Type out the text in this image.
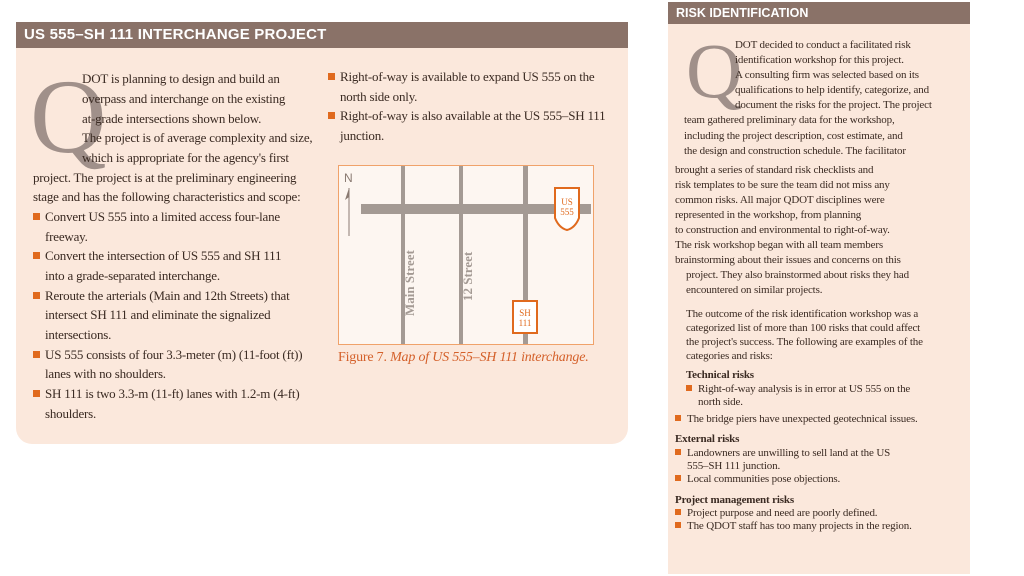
US 555–SH 111 INTERCHANGE PROJECT
Q
DOT is planning to design and build an
overpass and interchange on the existing
at-grade intersections shown below.
The project is of average complexity and size,
which is appropriate for the agency's first
project. The project is at the preliminary engineering
stage and has the following characteristics and scope:
Convert US 555 into a limited access four-lane
freeway.
Convert the intersection of US 555 and SH 111
into a grade-separated interchange.
Reroute the arterials (Main and 12th Streets) that
intersect SH 111 and eliminate the signalized
intersections.
US 555 consists of four 3.3-meter (m) (11-foot (ft))
lanes with no shoulders.
SH 111 is two 3.3-m (11-ft) lanes with 1.2-m (4-ft)
shoulders.
Right-of-way is available to expand US 555 on the
north side only.
Right-of-way is also available at the US 555–SH 111
junction.
N
Main Street	12 Street
US
555
SH
111
Figure 7. Map of US 555–SH 111 interchange.
RISK IDENTIFICATION
Q
DOT decided to conduct a facilitated risk
identification workshop for this project.
A consulting firm was selected based on its
qualifications to help identify, categorize, and
document the risks for the project. The project
team gathered preliminary data for the workshop,
including the project description, cost estimate, and
the design and construction schedule. The facilitator
brought a series of standard risk checklists and
risk templates to be sure the team did not miss any
common risks. All major QDOT disciplines were
represented in the workshop, from planning
to construction and environmental to right-of-way.
The risk workshop began with all team members
brainstorming about their issues and concerns on this
project. They also brainstormed about risks they had
encountered on similar projects.
The outcome of the risk identification workshop was a
categorized list of more than 100 risks that could affect
the project's success. The following are examples of the
categories and risks:
Technical risks
Right-of-way analysis is in error at US 555 on the
north side.
The bridge piers have unexpected geotechnical issues.
External risks
Landowners are unwilling to sell land at the US
555–SH 111 junction.
Local communities pose objections.
Project management risks
Project purpose and need are poorly defined.
The QDOT staff has too many projects in the region.
